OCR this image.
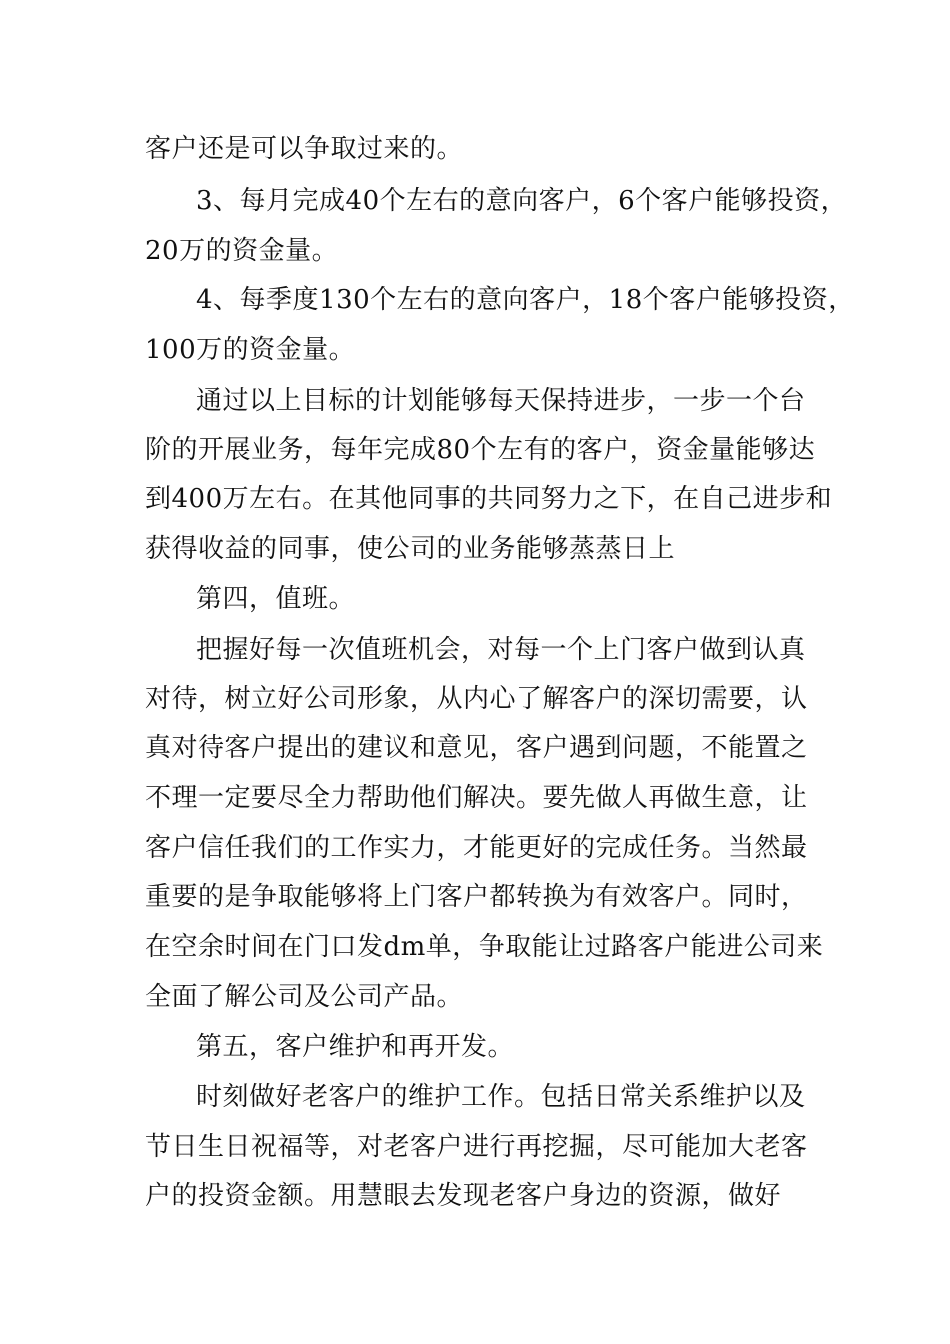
客户还是可以争取过来的。
3、每月完成40个左右的意向客户，6个客户能够投资，
20万的资金量。
4、每季度130个左右的意向客户，18个客户能够投资，
100万的资金量。
通过以上目标的计划能够每天保持进步，一步一个台
阶的开展业务，每年完成80个左有的客户，资金量能够达
到400万左右。在其他同事的共同努力之下，在自己进步和
获得收益的同事，使公司的业务能够蒸蒸日上
第四，值班。
把握好每一次值班机会，对每一个上门客户做到认真
对待，树立好公司形象，从内心了解客户的深切需要，认
真对待客户提出的建议和意见，客户遇到问题，不能置之
不理一定要尽全力帮助他们解决。要先做人再做生意，让
客户信任我们的工作实力，才能更好的完成任务。当然最
重要的是争取能够将上门客户都转换为有效客户。同时，
在空余时间在门口发dm单，争取能让过路客户能进公司来
全面了解公司及公司产品。
第五，客户维护和再开发。
时刻做好老客户的维护工作。包括日常关系维护以及
节日生日祝福等，对老客户进行再挖掘，尽可能加大老客
户的投资金额。用慧眼去发现老客户身边的资源，做好
